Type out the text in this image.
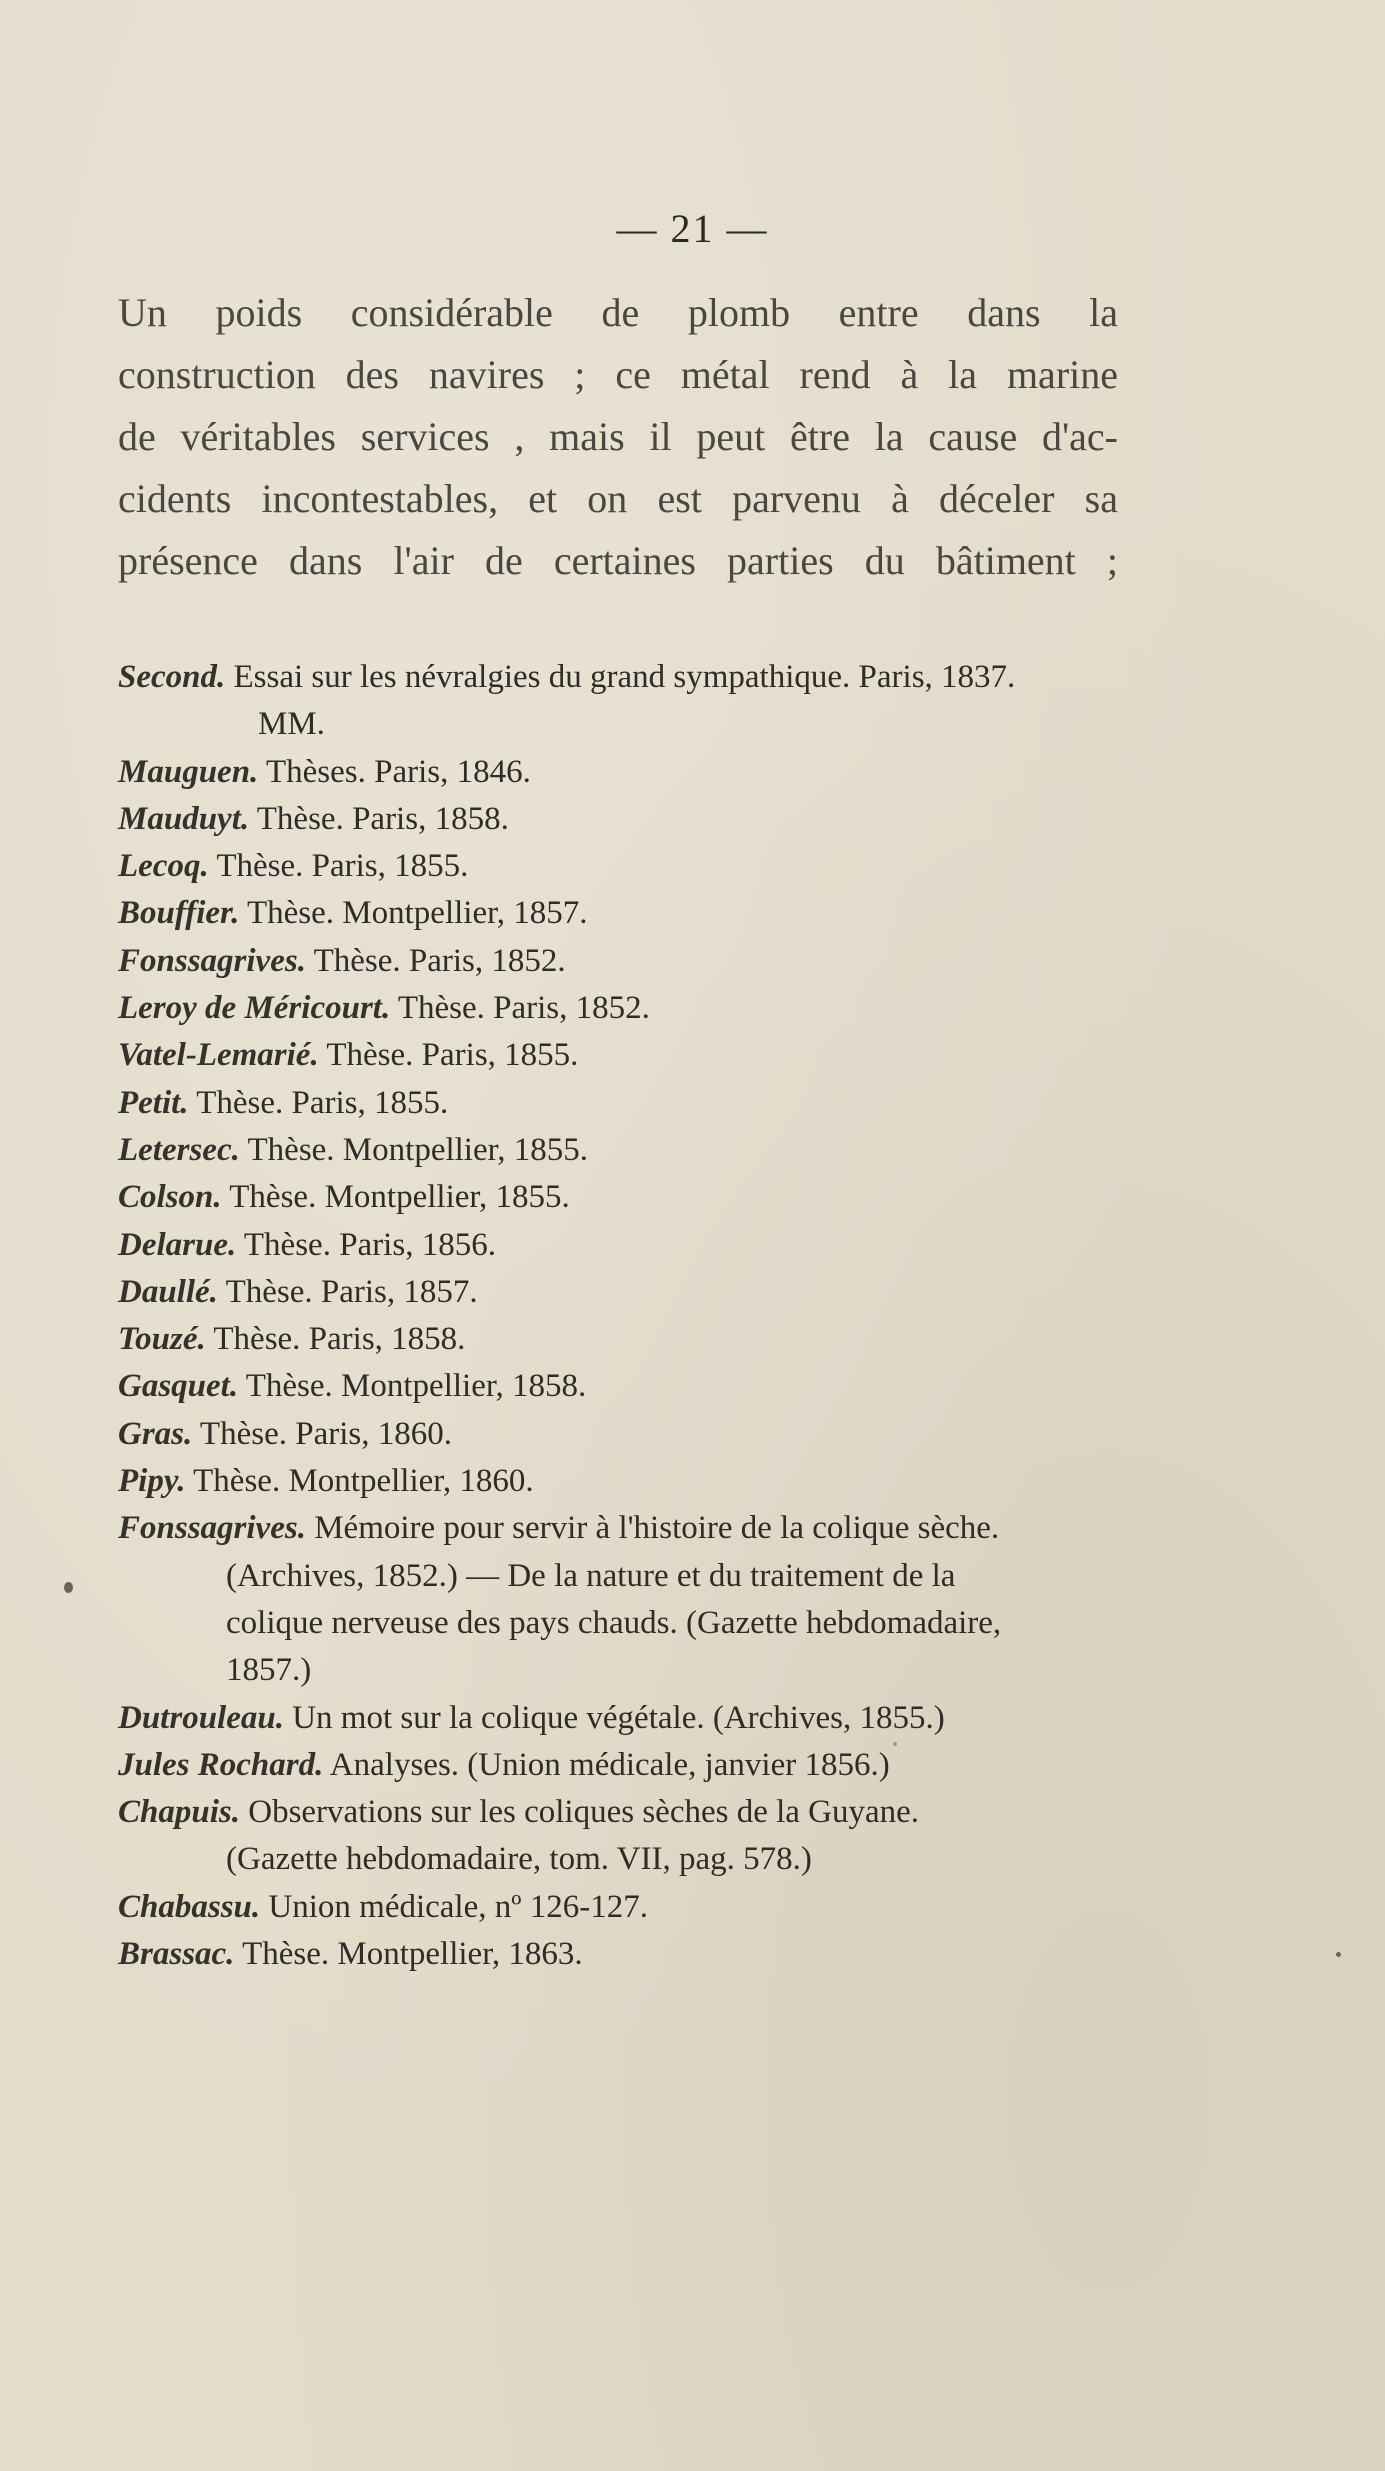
— 21 —
Un poids considérable de plomb entre dans la
construction des navires ; ce métal rend à la marine
de véritables services , mais il peut être la cause d'ac-
cidents incontestables, et on est parvenu à déceler sa
présence dans l'air de certaines parties du bâtiment ;
Second. Essai sur les névralgies du grand sympathique. Paris, 1837.
MM.
Mauguen. Thèses. Paris, 1846.
Mauduyt. Thèse. Paris, 1858.
Lecoq. Thèse. Paris, 1855.
Bouffier. Thèse. Montpellier, 1857.
Fonssagrives. Thèse. Paris, 1852.
Leroy de Méricourt. Thèse. Paris, 1852.
Vatel-Lemarié. Thèse. Paris, 1855.
Petit. Thèse. Paris, 1855.
Letersec. Thèse. Montpellier, 1855.
Colson. Thèse. Montpellier, 1855.
Delarue. Thèse. Paris, 1856.
Daullé. Thèse. Paris, 1857.
Touzé. Thèse. Paris, 1858.
Gasquet. Thèse. Montpellier, 1858.
Gras. Thèse. Paris, 1860.
Pipy. Thèse. Montpellier, 1860.
Fonssagrives. Mémoire pour servir à l'histoire de la colique sèche.
(Archives, 1852.) — De la nature et du traitement de la
colique nerveuse des pays chauds. (Gazette hebdomadaire,
1857.)
Dutrouleau. Un mot sur la colique végétale. (Archives, 1855.)
Jules Rochard. Analyses. (Union médicale, janvier 1856.)
Chapuis. Observations sur les coliques sèches de la Guyane.
(Gazette hebdomadaire, tom. VII, pag. 578.)
Chabassu. Union médicale, nº 126-127.
Brassac. Thèse. Montpellier, 1863.
